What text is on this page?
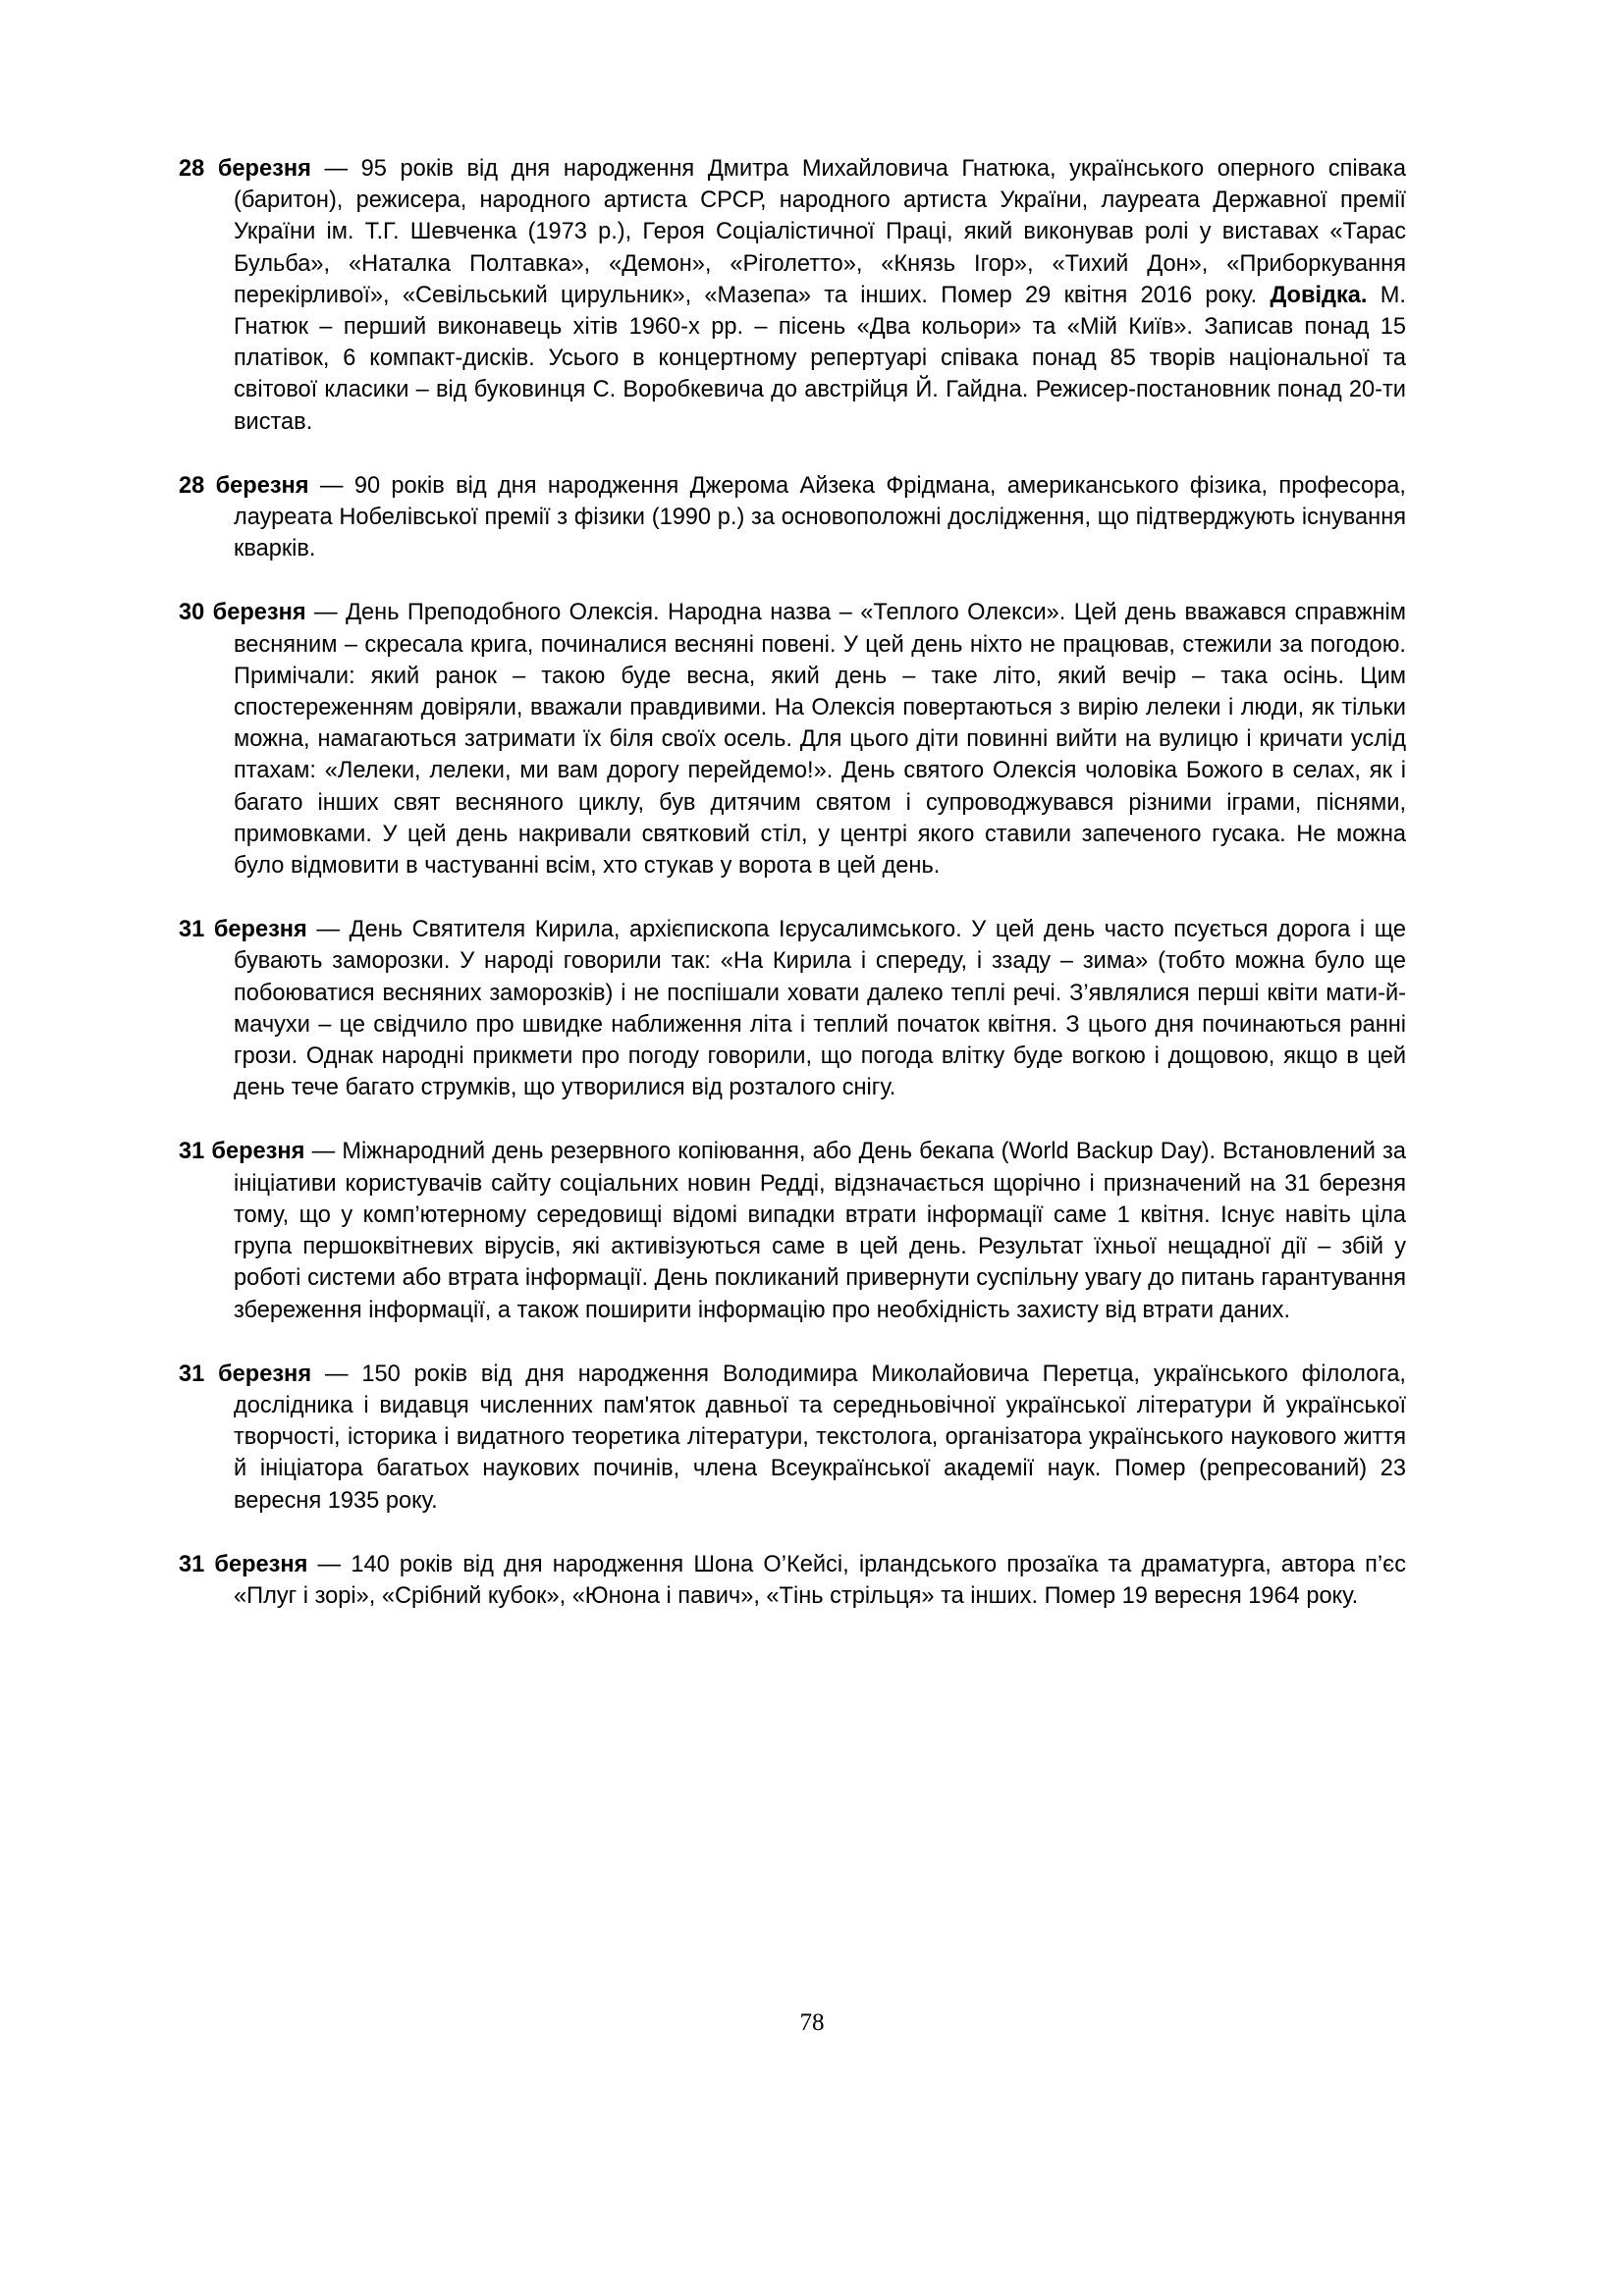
28 березня — 95 років від дня народження Дмитра Михайловича Гнатюка, українського оперного співака (баритон), режисера, народного артиста СРСР, народного артиста України, лауреата Державної премії України ім. Т.Г. Шевченка (1973 р.), Героя Соціалістичної Праці, який виконував ролі у виставах «Тарас Бульба», «Наталка Полтавка», «Демон», «Ріголетто», «Князь Ігор», «Тихий Дон», «Приборкування перекірливої», «Севільський цирульник», «Мазепа» та інших. Помер 29 квітня 2016 року. Довідка. М. Гнатюк – перший виконавець хітів 1960-х рр. – пісень «Два кольори» та «Мій Київ». Записав понад 15 платівок, 6 компакт-дисків. Усього в концертному репертуарі співака понад 85 творів національної та світової класики – від буковинця С. Воробкевича до австрійця Й. Гайдна. Режисер-постановник понад 20-ти вистав.

28 березня — 90 років від дня народження Джерома Айзека Фрідмана, американського фізика, професора, лауреата Нобелівської премії з фізики (1990 р.) за основоположні дослідження, що підтверджують існування кварків.

30 березня — День Преподобного Олексія. Народна назва – «Теплого Олекси». Цей день вважався справжнім весняним – скресала крига, починалися весняні повені. У цей день ніхто не працював, стежили за погодою. Примічали: який ранок – такою буде весна, який день – таке літо, який вечір – така осінь. Цим спостереженням довіряли, вважали правдивими. На Олексія повертаються з вирію лелеки і люди, як тільки можна, намагаються затримати їх біля своїх осель. Для цього діти повинні вийти на вулицю і кричати услід птахам: «Лелеки, лелеки, ми вам дорогу перейдемо!». День святого Олексія чоловіка Божого в селах, як і багато інших свят весняного циклу, був дитячим святом і супроводжувався різними іграми, піснями, примовками. У цей день накривали святковий стіл, у центрі якого ставили запеченого гусака. Не можна було відмовити в частуванні всім, хто стукав у ворота в цей день.

31 березня — День Святителя Кирила, архієпископа Ієрусалимського. У цей день часто псується дорога і ще бувають заморозки. У народі говорили так: «На Кирила і спереду, і ззаду – зима» (тобто можна було ще побоюватися весняних заморозків) і не поспішали ховати далеко теплі речі. З’являлися перші квіти мати-й-мачухи – це свідчило про швидке наближення літа і теплий початок квітня. З цього дня починаються ранні грози. Однак народні прикмети про погоду говорили, що погода влітку буде вогкою і дощовою, якщо в цей день тече багато струмків, що утворилися від розталого снігу.

31 березня — Міжнародний день резервного копіювання, або День бекапа (World Backup Day). Встановлений за ініціативи користувачів сайту соціальних новин Редді, відзначається щорічно і призначений на 31 березня тому, що у комп’ютерному середовищі відомі випадки втрати інформації саме 1 квітня. Існує навіть ціла група першоквітневих вірусів, які активізуються саме в цей день. Результат їхньої нещадної дії – збій у роботі системи або втрата інформації. День покликаний привернути суспільну увагу до питань гарантування збереження інформації, а також поширити інформацію про необхідність захисту від втрати даних.

31 березня — 150 років від дня народження Володимира Миколайовича Перетца, українського філолога, дослідника і видавця численних пам'яток давньої та середньовічної української літератури й української творчості, історика і видатного теоретика літератури, текстолога, організатора українського наукового життя й ініціатора багатьох наукових починів, члена Всеукраїнської академії наук. Помер (репресований) 23 вересня 1935 року.

31 березня — 140 років від дня народження Шона О’Кейсі, ірландського прозаїка та драматурга, автора п’єс «Плуг і зорі», «Срібний кубок», «Юнона і павич», «Тінь стрільця» та інших. Помер 19 вересня 1964 року.

78
